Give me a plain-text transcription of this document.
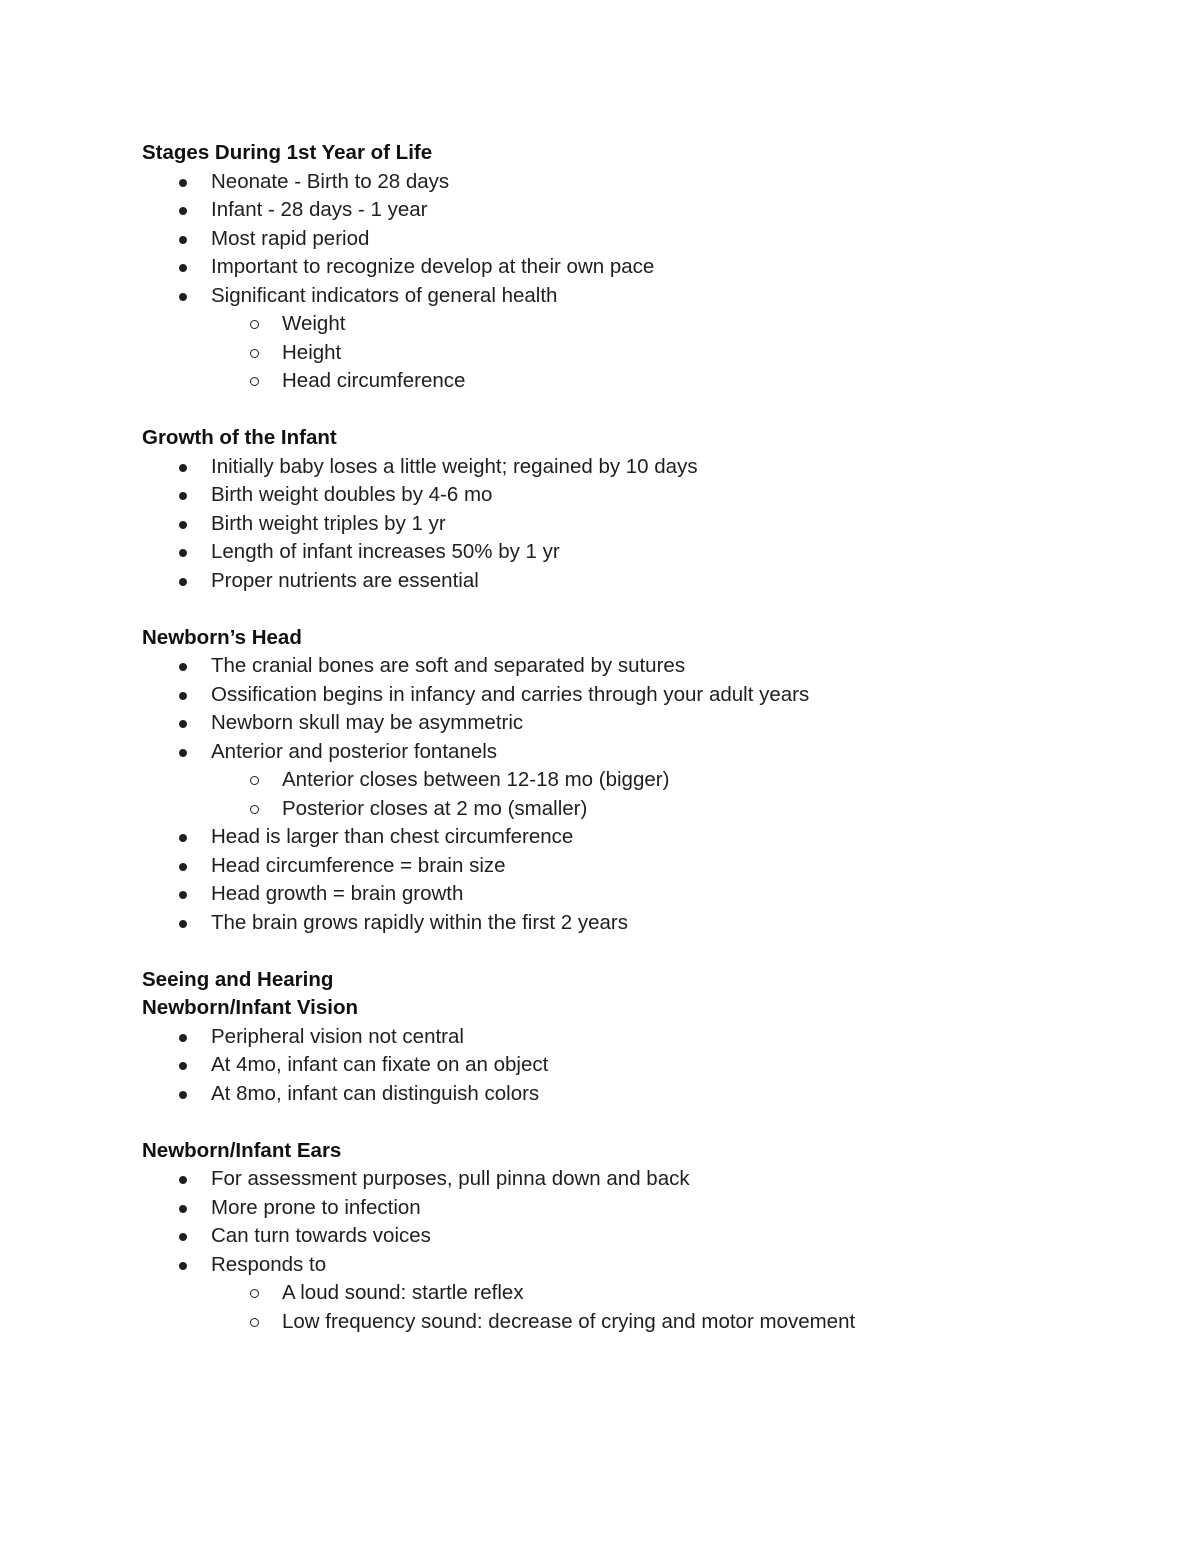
Stages During 1st Year of Life
Neonate - Birth to 28 days
Infant - 28 days - 1 year
Most rapid period
Important to recognize develop at their own pace
Significant indicators of general health
Weight
Height
Head circumference
Growth of the Infant
Initially baby loses a little weight; regained by 10 days
Birth weight doubles by 4-6 mo
Birth weight triples by 1 yr
Length of infant increases 50% by 1 yr
Proper nutrients are essential
Newborn’s Head
The cranial bones are soft and separated by sutures
Ossification begins in infancy and carries through your adult years
Newborn skull may be asymmetric
Anterior and posterior fontanels
Anterior closes between 12-18 mo (bigger)
Posterior closes at 2 mo (smaller)
Head is larger than chest circumference
Head circumference = brain size
Head growth = brain growth
The brain grows rapidly within the first 2 years
Seeing and Hearing
Newborn/Infant Vision
Peripheral vision not central
At 4mo, infant can fixate on an object
At 8mo, infant can distinguish colors
Newborn/Infant Ears
For assessment purposes, pull pinna down and back
More prone to infection
Can turn towards voices
Responds to
A loud sound: startle reflex
Low frequency sound: decrease of crying and motor movement
